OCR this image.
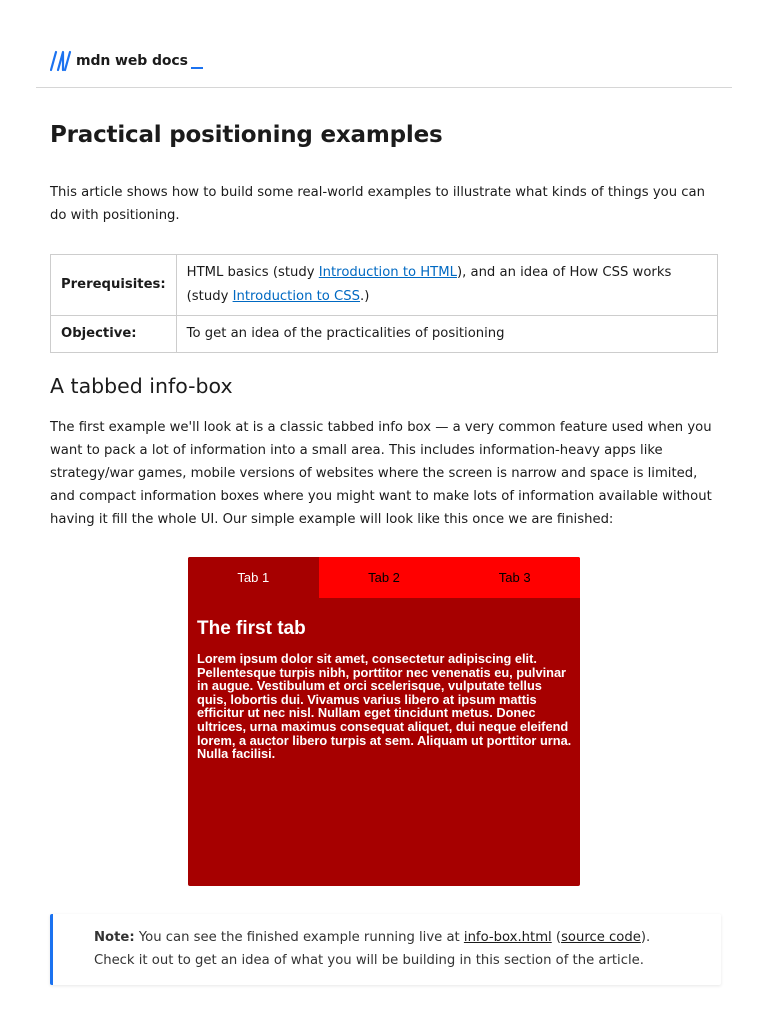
mdn web docs
Practical positioning examples

This article shows how to build some real-world examples to illustrate what kinds of things you can do with positioning.

Prerequisites:	HTML basics (study Introduction to HTML), and an idea of How CSS works (study Introduction to CSS.)
Objective:	To get an idea of the practicalities of positioning
A tabbed info-box

The first example we'll look at is a classic tabbed info box — a very common feature used when you want to pack a lot of information into a small area. This includes information-heavy apps like strategy/war games, mobile versions of websites where the screen is narrow and space is limited, and compact information boxes where you might want to make lots of information available without having it fill the whole UI. Our simple example will look like this once we are finished:

Tab 1	Tab 2	Tab 3
The first tab

Lorem ipsum dolor sit amet, consectetur adipiscing elit. Pellentesque turpis nibh, porttitor nec venenatis eu, pulvinar in augue. Vestibulum et orci scelerisque, vulputate tellus quis, lobortis dui. Vivamus varius libero at ipsum mattis efficitur ut nec nisl. Nullam eget tincidunt metus. Donec ultrices, urna maximus consequat aliquet, dui neque eleifend lorem, a auctor libero turpis at sem. Aliquam ut porttitor urna. Nulla facilisi.

Note: You can see the finished example running live at info-box.html (source code). Check it out to get an idea of what you will be building in this section of the article.
